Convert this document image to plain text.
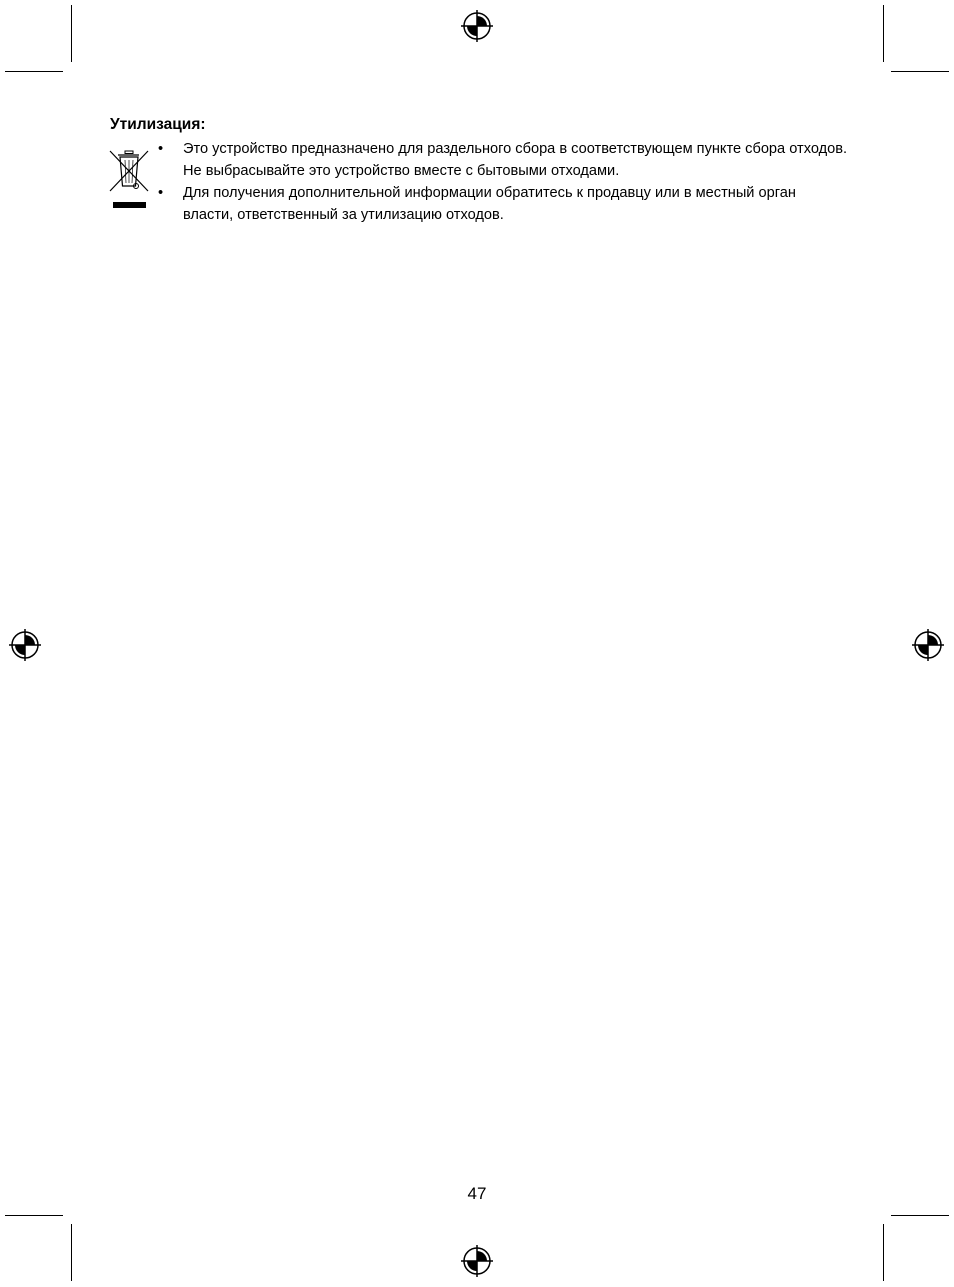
Утилизация:
• Это устройство предназначено для раздельного сбора в соответствующем пункте сбора отходов. Не выбрасывайте это устройство вместе с бытовыми отходами.
• Для получения дополнительной информации обратитесь к продавцу или в местный орган власти, ответственный за утилизацию отходов.
47
